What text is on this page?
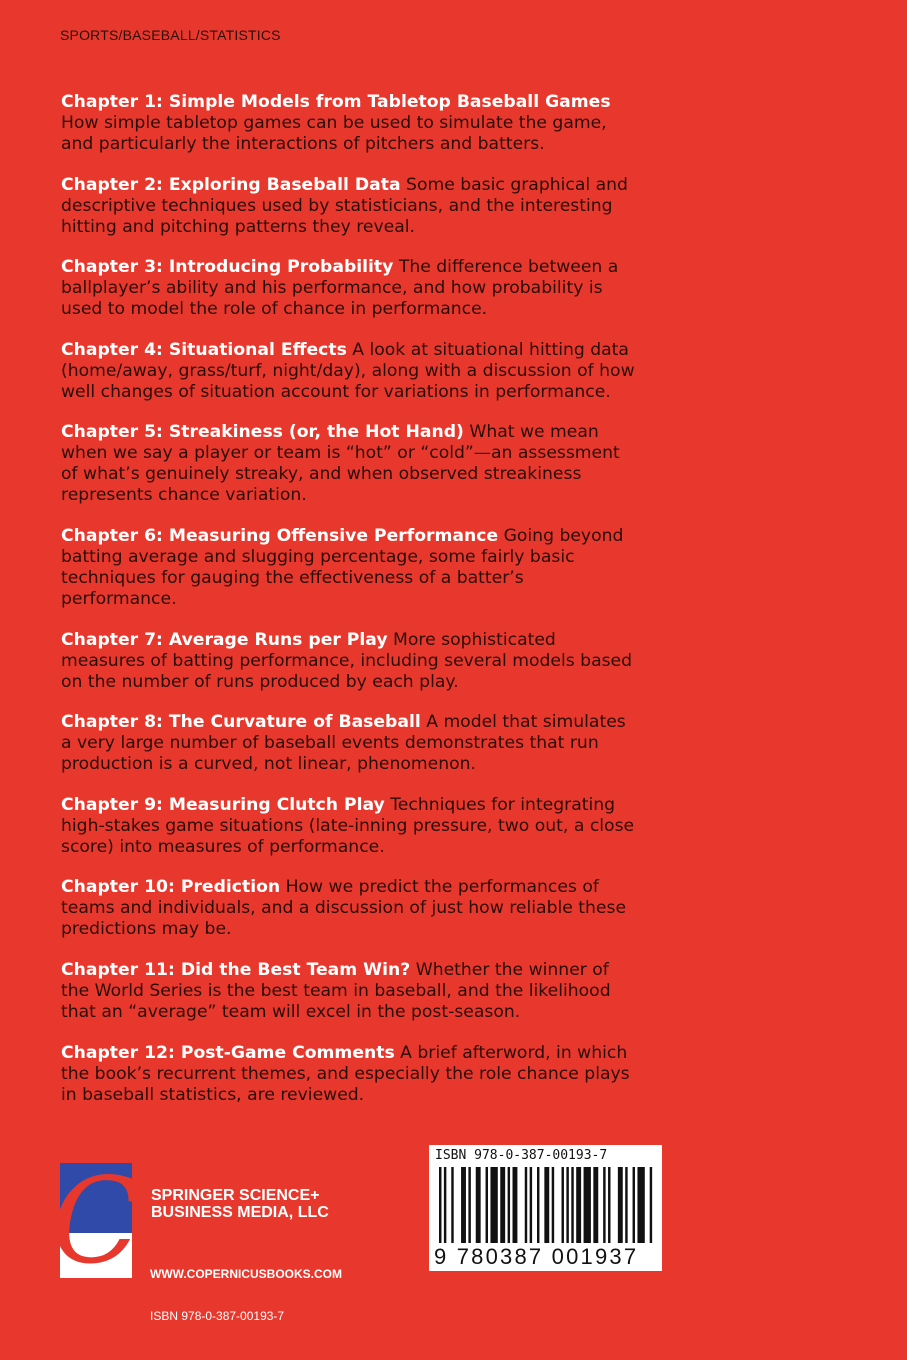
SPORTS/BASEBALL/STATISTICS
Chapter 1: Simple Models from Tabletop Baseball Games How simple tabletop games can be used to simulate the game, and particularly the interactions of pitchers and batters.
Chapter 2: Exploring Baseball Data Some basic graphical and descriptive techniques used by statisticians, and the interesting hitting and pitching patterns they reveal.
Chapter 3: Introducing Probability The difference between a ballplayer’s ability and his performance, and how probability is used to model the role of chance in performance.
Chapter 4: Situational Effects A look at situational hitting data (home/away, grass/turf, night/day), along with a discussion of how well changes of situation account for variations in performance.
Chapter 5: Streakiness (or, the Hot Hand) What we mean when we say a player or team is “hot” or “cold”—an assessment of what’s genuinely streaky, and when observed streakiness represents chance variation.
Chapter 6: Measuring Offensive Performance Going beyond batting average and slugging percentage, some fairly basic techniques for gauging the effectiveness of a batter’s performance.
Chapter 7: Average Runs per Play More sophisticated measures of batting performance, including several models based on the number of runs produced by each play.
Chapter 8: The Curvature of Baseball A model that simulates a very large number of baseball events demonstrates that run production is a curved, not linear, phenomenon.
Chapter 9: Measuring Clutch Play Techniques for integrating high-stakes game situations (late-inning pressure, two out, a close score) into measures of performance.
Chapter 10: Prediction How we predict the performances of teams and individuals, and a discussion of just how reliable these predictions may be.
Chapter 11: Did the Best Team Win? Whether the winner of the World Series is the best team in baseball, and the likelihood that an “average” team will excel in the post-season.
Chapter 12: Post-Game Comments A brief afterword, in which the book’s recurrent themes, and especially the role chance plays in baseball statistics, are reviewed.
C SPRINGER SCIENCE+
BUSINESS MEDIA, LLC
WWW.COPERNICUSBOOKS.COM
ISBN 978-0-387-00193-7
ISBN 978-0-387-00193-7
9 780387 001937
